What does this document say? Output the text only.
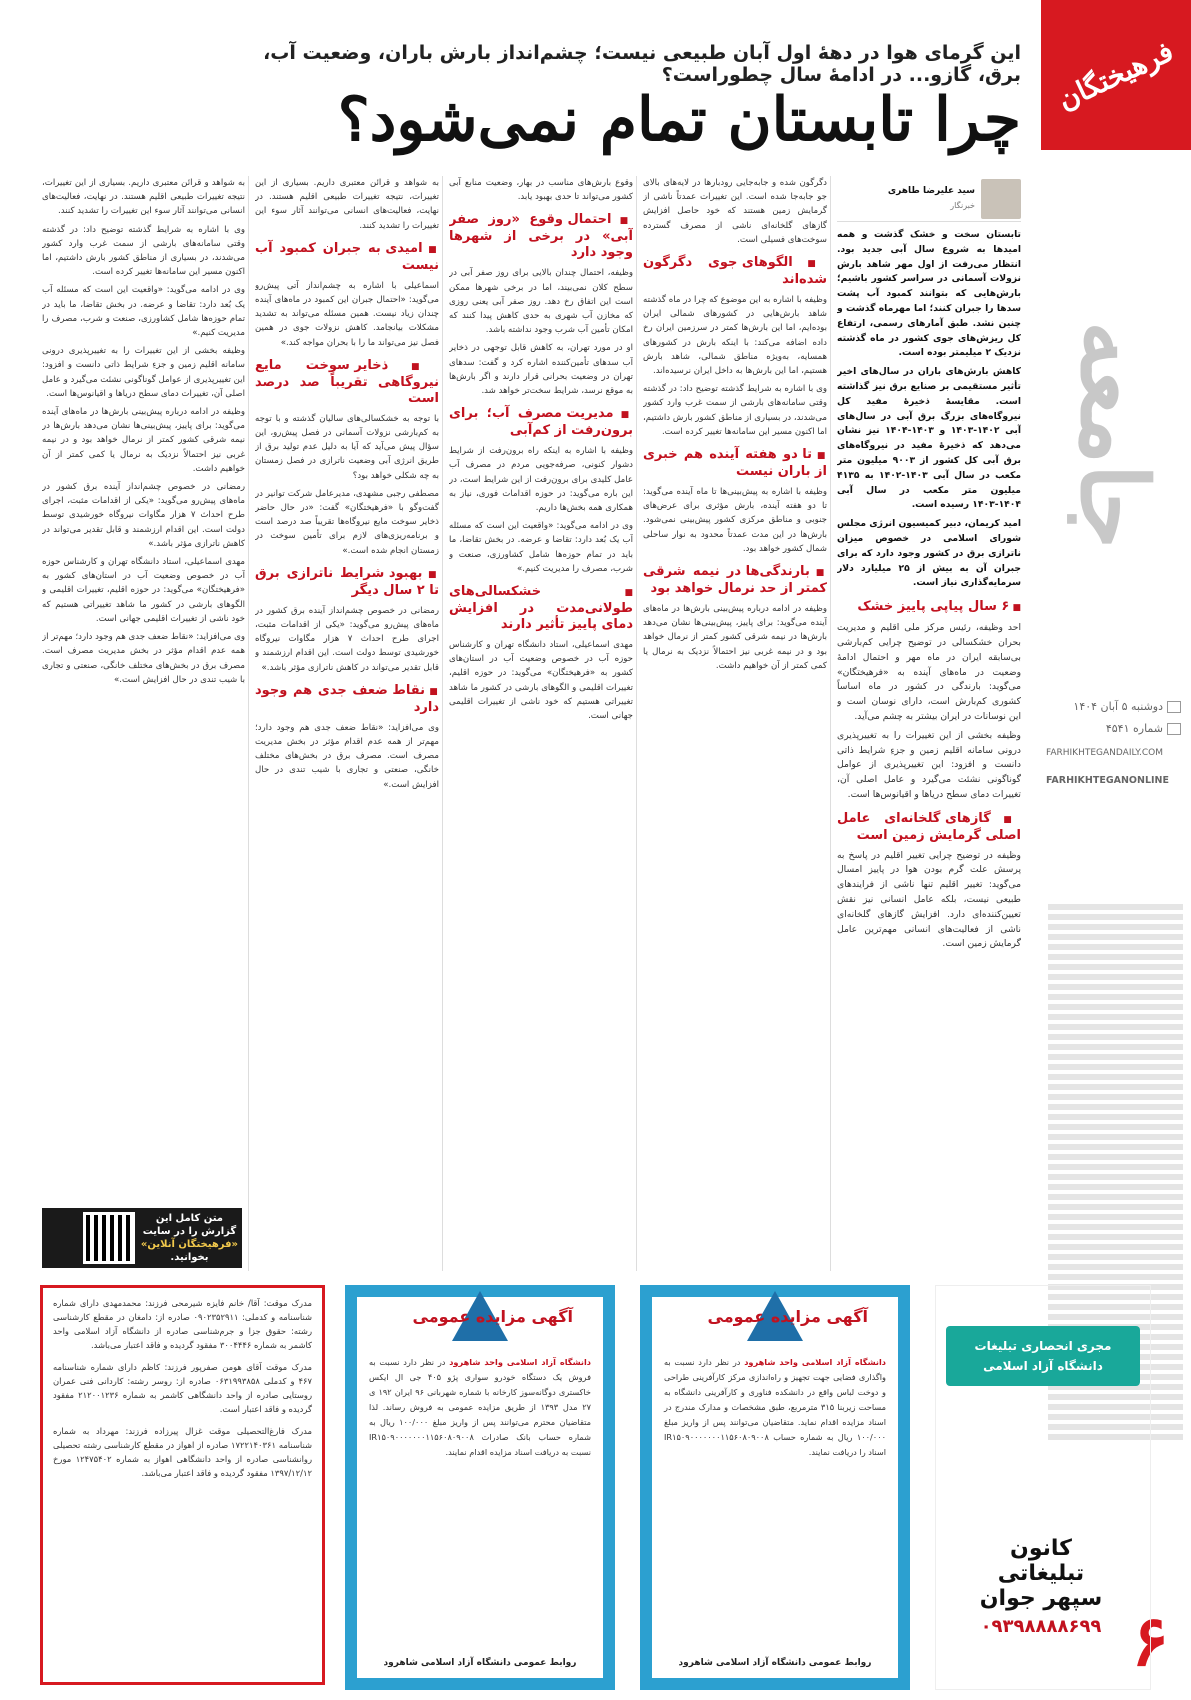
فرهیختگان
جامعه
دوشنبه ۵ آبان ۱۴۰۴
شماره ۴۵۴۱
FARHIKHTEGANDAILY.COM
FARHIKHTEGANONLINE
۶
این گرمای هوا در دههٔ اول آبان طبیعی نیست؛ چشم‌انداز بارش باران، وضعیت آب، برق، گازو... در ادامهٔ سال چطوراست؟
چرا تابستان تمام نمی‌شود؟
سید علیرضا طاهری
خبرنگار

تابستان سخت و خشک گذشت و همه امیدها به شروع سال آبی جدید بود. انتظار می‌رفت از اول مهر شاهد بارش نزولات آسمانی در سراسر کشور باشیم؛ بارش‌هایی که بتوانند کمبود آب پشت سدها را جبران کنند؛ اما مهرماه گذشت و چنین نشد. طبق آمارهای رسمی، ارتفاع کل ریزش‌های جوی کشور در ماه گذشته نزدیک ۲ میلیمتر بوده است.

کاهش بارش‌های باران در سال‌های اخیر تأثیر مستقیمی بر صنایع برق نیز گذاشته است. مقایسهٔ ذخیرهٔ مفید کل نیروگاه‌های بزرگ برق آبی در سال‌های آبی ۱۴۰۲-۱۴۰۳ و ۱۴۰۳-۱۴۰۴ نیز نشان می‌دهد که ذخیرهٔ مفید در نیروگاه‌های برق آبی کل کشور از ۹۰۰۳ میلیون متر مکعب در سال آبی ۱۴۰۳-۱۴۰۲ به ۴۱۳۵ میلیون متر مکعب در سال آبی ۱۴۰۴-۱۴۰۳ رسیده است.

امید کریمان، دبیر کمیسیون انرژی مجلس شورای اسلامی در خصوص میزان ناترازی برق در کشور وجود دارد که برای جبران آن به بیش از ۲۵ میلیارد دلار سرمایه‌گذاری نیاز است.

■ ۶ سال پیاپی پاییز خشک

احد وظیفه، رئیس مرکز ملی اقلیم و مدیریت بحران خشکسالی در توضیح چرایی کم‌بارشی بی‌سابقه ایران در ماه مهر و احتمال ادامهٔ وضعیت در ماه‌های آینده به «فرهیختگان» می‌گوید: بارندگی در کشور در ماه اساساً کشوری کم‌بارش است، دارای نوسان است و این نوسانات در ایران بیشتر به چشم می‌آید.

وظیفه بخشی از این تغییرات را به تغییرپذیری درونی سامانه اقلیم زمین و جزءِ شرایط ذاتی دانست و افزود: این تغییرپذیری از عوامل گوناگونی نشئت می‌گیرد و عامل اصلی آن، تغییرات دمای سطح دریاها و اقیانوس‌ها است.

■ گازهای گلخانه‌ای عامل اصلی گرمایش زمین است

وظیفه در توضیح چرایی تغییر اقلیم در پاسخ به پرسش علت گرم بودن هوا در پاییز امسال می‌گوید: تغییر اقلیم تنها ناشی از فرایندهای طبیعی نیست، بلکه عامل انسانی نیز نقش تعیین‌کننده‌ای دارد. افزایش گازهای گلخانه‌ای ناشی از فعالیت‌های انسانی مهم‌ترین عامل گرمایش زمین است.

دگرگون شده و جابه‌جایی رودبارها در لایه‌های بالای جو جابه‌جا شده است. این تغییرات عمدتاً ناشی از گرمایش زمین هستند که خود حاصل افزایش گازهای گلخانه‌ای ناشی از مصرف گسترده سوخت‌های فسیلی است.

■ الگوهای جوی دگرگون شده‌اند

وظیفه با اشاره به این موضوع که چرا در ماه گذشته شاهد بارش‌هایی در کشورهای شمالی ایران بوده‌ایم، اما این بارش‌ها کمتر در سرزمین ایران رخ داده اضافه می‌کند: با اینکه بارش در کشورهای همسایه، به‌ویژه مناطق شمالی، شاهد بارش هستیم، اما این بارش‌ها به داخل ایران نرسیده‌اند.

وی با اشاره به شرایط گذشته توضیح داد: در گذشته وقتی سامانه‌های بارشی از سمت غرب وارد کشور می‌شدند، در بسیاری از مناطق کشور بارش داشتیم، اما اکنون مسیر این سامانه‌ها تغییر کرده است.

■ تا دو هفته آینده هم خبری از باران نیست

وظیفه با اشاره به پیش‌بینی‌ها تا ماه آینده می‌گوید: تا دو هفته آینده، بارش مؤثری برای عرض‌های جنوبی و مناطق مرکزی کشور پیش‌بینی نمی‌شود. بارش‌ها در این مدت عمدتاً محدود به نوار ساحلی شمال کشور خواهد بود.

■ بارندگی‌ها در نیمه شرقی کمتر از حد نرمال خواهد بود

وظیفه در ادامه درباره پیش‌بینی بارش‌ها در ماه‌های آینده می‌گوید: برای پاییز، پیش‌بینی‌ها نشان می‌دهد بارش‌ها در نیمه شرقی کشور کمتر از نرمال خواهد بود و در نیمه غربی نیز احتمالاً نزدیک به نرمال یا کمی کمتر از آن خواهیم داشت.

وقوع بارش‌های مناسب در بهار، وضعیت منابع آبی کشور می‌تواند تا حدی بهبود یابد.

■ احتمال وقوع «روز صفر آبی» در برخی از شهرها وجود دارد

وظیفه، احتمال چندان بالایی برای روز صفر آبی در سطح کلان نمی‌بیند، اما در برخی شهرها ممکن است این اتفاق رخ دهد. روز صفر آبی یعنی روزی که مخازن آب شهری به حدی کاهش پیدا کنند که امکان تأمین آب شرب وجود نداشته باشد.

او در مورد تهران، به کاهش قابل توجهی در ذخایر آب سدهای تأمین‌کننده اشاره کرد و گفت: سدهای تهران در وضعیت بحرانی قرار دارند و اگر بارش‌ها به موقع نرسد، شرایط سخت‌تر خواهد شد.

■ مدیریت مصرف آب؛ برای برون‌رفت از کم‌آبی

وظیفه با اشاره به اینکه راه برون‌رفت از شرایط دشوار کنونی، صرفه‌جویی مردم در مصرف آب عامل کلیدی برای برون‌رفت از این شرایط است، در این باره می‌گوید: در حوزه اقدامات فوری، نیاز به همکاری همه بخش‌ها داریم.

وی در ادامه می‌گوید: «واقعیت این است که مسئله آب یک بُعد دارد: تقاضا و عرضه. در بخش تقاضا، ما باید در تمام حوزه‌ها شامل کشاورزی، صنعت و شرب، مصرف را مدیریت کنیم.»

■ خشکسالی‌های طولانی‌مدت در افزایش دمای پاییز تأثیر دارند

مهدی اسماعیلی، استاد دانشگاه تهران و کارشناس حوزه آب در خصوص وضعیت آب در استان‌های کشور به «فرهیختگان» می‌گوید: در حوزه اقلیم، تغییرات اقلیمی و الگوهای بارشی در کشور ما شاهد تغییراتی هستیم که خود ناشی از تغییرات اقلیمی جهانی است.

به شواهد و قرائن معتبری داریم. بسیاری از این تغییرات، نتیجه تغییرات طبیعی اقلیم هستند. در نهایت، فعالیت‌های انسانی می‌توانند آثار سوء این تغییرات را تشدید کنند.

■ امیدی به جبران کمبود آب نیست

اسماعیلی با اشاره به چشم‌انداز آتی پیش‌رو می‌گوید: «احتمال جبران این کمبود در ماه‌های آینده چندان زیاد نیست. همین مسئله می‌تواند به تشدید مشکلات بیانجامد. کاهش نزولات جوی در همین فصل نیز می‌تواند ما را با بحران مواجه کند.»

■ ذخایر سوخت مایع نیروگاهی تقریباً صد درصد است

با توجه به خشکسالی‌های سالیان گذشته و با توجه به کم‌بارشی نزولات آسمانی در فصل پیش‌رو، این سؤال پیش می‌آید که آیا به دلیل عدم تولید برق از طریق انرژی آبی وضعیت ناترازی در فصل زمستان به چه شکلی خواهد بود؟

مصطفی رجبی مشهدی، مدیرعامل شرکت توانیر در گفت‌وگو با «فرهیختگان» گفت: «در حال حاضر ذخایر سوخت مایع نیروگاه‌ها تقریباً صد درصد است و برنامه‌ریزی‌های لازم برای تأمین سوخت در زمستان انجام شده است.»

■ بهبود شرایط ناترازی برق تا ۲ سال دیگر

رمضانی در خصوص چشم‌انداز آینده برق کشور در ماه‌های پیش‌رو می‌گوید: «یکی از اقدامات مثبت، اجرای طرح احداث ۷ هزار مگاوات نیروگاه خورشیدی توسط دولت است. این اقدام ارزشمند و قابل تقدیر می‌تواند در کاهش ناترازی مؤثر باشد.»

■ نقاط ضعف جدی هم وجود دارد

وی می‌افزاید: «نقاط ضعف جدی هم وجود دارد؛ مهم‌تر از همه عدم اقدام مؤثر در بخش مدیریت مصرف است. مصرف برق در بخش‌های مختلف خانگی، صنعتی و تجاری با شیب تندی در حال افزایش است.»

به شواهد و قرائن معتبری داریم. بسیاری از این تغییرات، نتیجه تغییرات طبیعی اقلیم هستند. در نهایت، فعالیت‌های انسانی می‌توانند آثار سوء این تغییرات را تشدید کنند.

وی با اشاره به شرایط گذشته توضیح داد: در گذشته وقتی سامانه‌های بارشی از سمت غرب وارد کشور می‌شدند، در بسیاری از مناطق کشور بارش داشتیم، اما اکنون مسیر این سامانه‌ها تغییر کرده است.

وی در ادامه می‌گوید: «واقعیت این است که مسئله آب یک بُعد دارد: تقاضا و عرضه. در بخش تقاضا، ما باید در تمام حوزه‌ها شامل کشاورزی، صنعت و شرب، مصرف را مدیریت کنیم.»

وظیفه بخشی از این تغییرات را به تغییرپذیری درونی سامانه اقلیم زمین و جزءِ شرایط ذاتی دانست و افزود: این تغییرپذیری از عوامل گوناگونی نشئت می‌گیرد و عامل اصلی آن، تغییرات دمای سطح دریاها و اقیانوس‌ها است.

وظیفه در ادامه درباره پیش‌بینی بارش‌ها در ماه‌های آینده می‌گوید: برای پاییز، پیش‌بینی‌ها نشان می‌دهد بارش‌ها در نیمه شرقی کشور کمتر از نرمال خواهد بود و در نیمه غربی نیز احتمالاً نزدیک به نرمال یا کمی کمتر از آن خواهیم داشت.

رمضانی در خصوص چشم‌انداز آینده برق کشور در ماه‌های پیش‌رو می‌گوید: «یکی از اقدامات مثبت، اجرای طرح احداث ۷ هزار مگاوات نیروگاه خورشیدی توسط دولت است. این اقدام ارزشمند و قابل تقدیر می‌تواند در کاهش ناترازی مؤثر باشد.»

مهدی اسماعیلی، استاد دانشگاه تهران و کارشناس حوزه آب در خصوص وضعیت آب در استان‌های کشور به «فرهیختگان» می‌گوید: در حوزه اقلیم، تغییرات اقلیمی و الگوهای بارشی در کشور ما شاهد تغییراتی هستیم که خود ناشی از تغییرات اقلیمی جهانی است.

وی می‌افزاید: «نقاط ضعف جدی هم وجود دارد؛ مهم‌تر از همه عدم اقدام مؤثر در بخش مدیریت مصرف است. مصرف برق در بخش‌های مختلف خانگی، صنعتی و تجاری با شیب تندی در حال افزایش است.»

متن کامل این
گزارش را در سایت
«فرهیختگان آنلاین»
بخوانید.

مدرک موقت: آقا/ خانم فایزه شیرمحی فرزند: محمدمهدی دارای شماره شناسنامه و کدملی: ۰۹۰۲۳۵۲۹۱۱ صادره از: دامغان در مقطع کارشناسی رشته: حقوق جزا و جرم‌شناسی صادره از دانشگاه آزاد اسلامی واحد کاشمر به شماره ۳۰۰۴۴۴۶ مفقود گردیده و فاقد اعتبار می‌باشد.

مدرک موقت آقای هومن صفرپور فرزند: کاظم دارای شماره شناسنامه ۴۶۷ و کدملی ۰۶۳۱۹۹۳۸۵۸ صادره از: روسر رشته: کاردانی فنی عمران روستایی صادره از واحد دانشگاهی کاشمر به شماره ۲۱۲۰۰۱۲۳۶ مفقود گردیده و فاقد اعتبار است.

مدرک فارغ‌التحصیلی موقت غزال پیرزاده فرزند: مهرداد به شماره شناسنامه ۱۷۲۲۱۴۰۳۶۱ صادره از اهواز در مقطع کارشناسی رشته تحصیلی روانشناسی صادره از واحد دانشگاهی اهواز به شماره ۱۲۴۷۵۴۰۲ مورخ ۱۳۹۷/۱۲/۱۲ مفقود گردیده و فاقد اعتبار می‌باشد.

آگهی مزایده عمومی
دانشگاه آزاد اسلامی واحد شاهرود در نظر دارد نسبت به فروش یک دستگاه خودرو سواری پژو ۴۰۵ جی ال ایکس خاکستری دوگانه‌سوز کارخانه با شماره شهربانی ۹۶ ایران ۱۹۲ ی ۲۷ مدل ۱۳۹۳ از طریق مزایده عمومی به فروش رساند. لذا متقاضیان محترم می‌توانند پس از واریز مبلغ ۱۰۰/۰۰۰ ریال به شماره حساب بانک صادرات IR۱۵۰۹۰۰۰۰۰۰۰۱۱۵۶۰۸۰۹۰۰۸ نسبت به دریافت اسناد مزایده اقدام نمایند.
روابط عمومی دانشگاه آزاد اسلامی شاهرود
آگهی مزایده عمومی
دانشگاه آزاد اسلامی واحد شاهرود در نظر دارد نسبت به واگذاری فضایی جهت تجهیز و راه‌اندازی مرکز کارآفرینی طراحی و دوخت لباس واقع در دانشکده فناوری و کارآفرینی دانشگاه به مساحت زیربنا ۳۱۵ مترمربع، طبق مشخصات و مدارک مندرج در اسناد مزایده اقدام نماید. متقاضیان می‌توانند پس از واریز مبلغ ۱۰۰/۰۰۰ ریال به شماره حساب IR۱۵۰۹۰۰۰۰۰۰۰۱۱۵۶۰۸۰۹۰۰۸ اسناد را دریافت نمایند.
روابط عمومی دانشگاه آزاد اسلامی شاهرود
مجری انحصاری تبلیغات دانشگاه آزاد اسلامی
کانون تبلیغاتی سپهر جوان
۰۹۳۹۸۸۸۸۶۹۹
